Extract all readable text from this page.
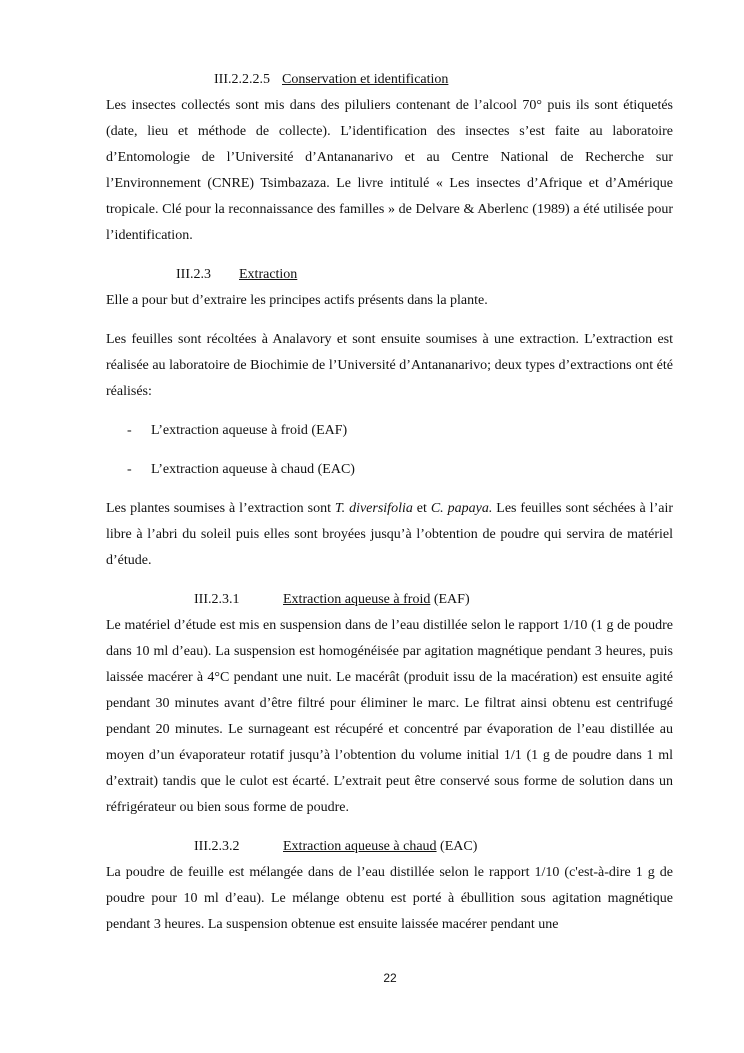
III.2.2.2.5 Conservation et identification

Les insectes collectés sont mis dans des piluliers contenant de l’alcool 70° puis ils sont étiquetés (date, lieu et méthode de collecte). L’identification des insectes s’est faite au laboratoire d’Entomologie de l’Université d’Antananarivo et au Centre National de Recherche sur l’Environnement (CNRE) Tsimbazaza. Le livre intitulé « Les insectes d’Afrique et d’Amérique tropicale. Clé pour la reconnaissance des familles » de Delvare & Aberlenc (1989) a été utilisée pour l’identification.

III.2.3 Extraction

Elle a pour but d’extraire les principes actifs présents dans la plante.

Les feuilles sont récoltées à Analavory et sont ensuite soumises à une extraction. L’extraction est réalisée au laboratoire de Biochimie de l’Université d’Antananarivo; deux types d’extractions ont été réalisés:

- L’extraction aqueuse à froid (EAF)
- L’extraction aqueuse à chaud (EAC)

Les plantes soumises à l’extraction sont T. diversifolia et C. papaya. Les feuilles sont séchées à l’air libre à l’abri du soleil puis elles sont broyées jusqu’à l’obtention de poudre qui servira de matériel d’étude.

III.2.3.1	Extraction aqueuse à froid (EAF)

Le matériel d’étude est mis en suspension dans de l’eau distillée selon le rapport 1/10 (1 g de poudre dans 10 ml d’eau). La suspension est homogénéisée par agitation magnétique pendant 3 heures, puis laissée macérer à 4°C pendant une nuit. Le macérât (produit issu de la macération) est ensuite agité pendant 30 minutes avant d’être filtré pour éliminer le marc. Le filtrat ainsi obtenu est centrifugé pendant 20 minutes. Le surnageant est récupéré et concentré par évaporation de l’eau distillée au moyen d’un évaporateur rotatif jusqu’à l’obtention du volume initial 1/1 (1 g de poudre dans 1 ml d’extrait) tandis que le culot est écarté. L’extrait peut être conservé sous forme de solution dans un réfrigérateur ou bien sous forme de poudre.

III.2.3.2	Extraction aqueuse à chaud (EAC)

La poudre de feuille est mélangée dans de l’eau distillée selon le rapport 1/10 (c'est-à-dire 1 g de poudre pour 10 ml d’eau). Le mélange obtenu est porté à ébullition sous agitation magnétique pendant 3 heures. La suspension obtenue est ensuite laissée macérer pendant une

22
